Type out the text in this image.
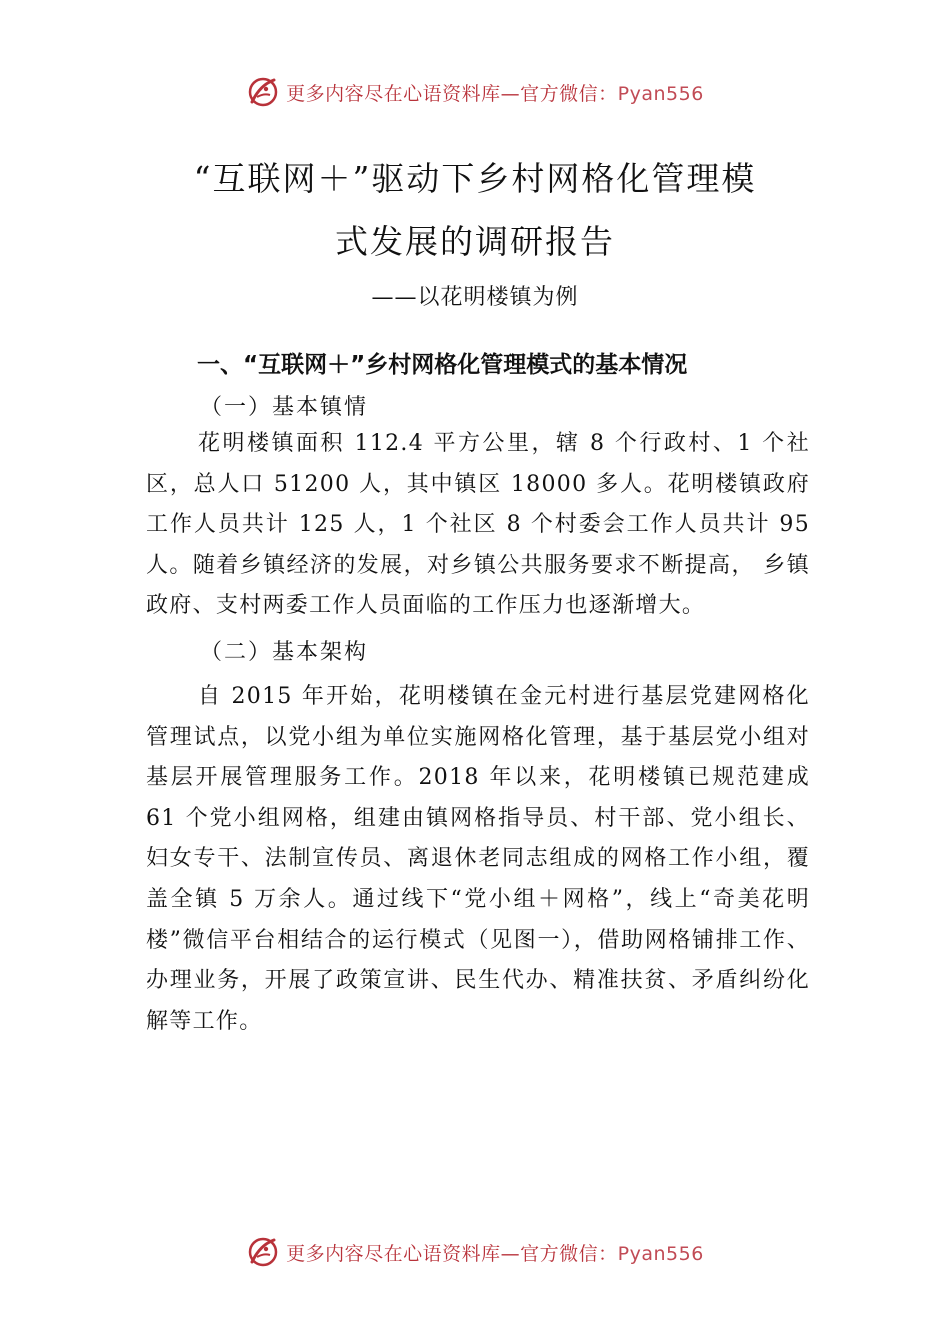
更多内容尽在心语资料库—官方微信：Pyan556
“互联网＋”驱动下乡村网格化管理模
式发展的调研报告
——以花明楼镇为例
一、“互联网＋”乡村网格化管理模式的基本情况
（一）基本镇情

花明楼镇面积 112.4 平方公里，辖 8 个行政村、1 个社区，总人口 51200 人，其中镇区 18000 多人。花明楼镇政府工作人员共计 125 人，1 个社区 8 个村委会工作人员共计 95 人。随着乡镇经济的发展，对乡镇公共服务要求不断提高， 乡镇政府、支村两委工作人员面临的工作压力也逐渐增大。

（二）基本架构

自 2015 年开始，花明楼镇在金元村进行基层党建网格化管理试点，以党小组为单位实施网格化管理，基于基层党小组对基层开展管理服务工作。2018 年以来，花明楼镇已规范建成 61 个党小组网格，组建由镇网格指导员、村干部、党小组长、妇女专干、法制宣传员、离退休老同志组成的网格工作小组，覆盖全镇 5 万余人。通过线下“党小组＋网格”，线上“奇美花明楼”微信平台相结合的运行模式（见图一），借助网格铺排工作、办理业务，开展了政策宣讲、民生代办、精准扶贫、矛盾纠纷化解等工作。

更多内容尽在心语资料库—官方微信：Pyan556
